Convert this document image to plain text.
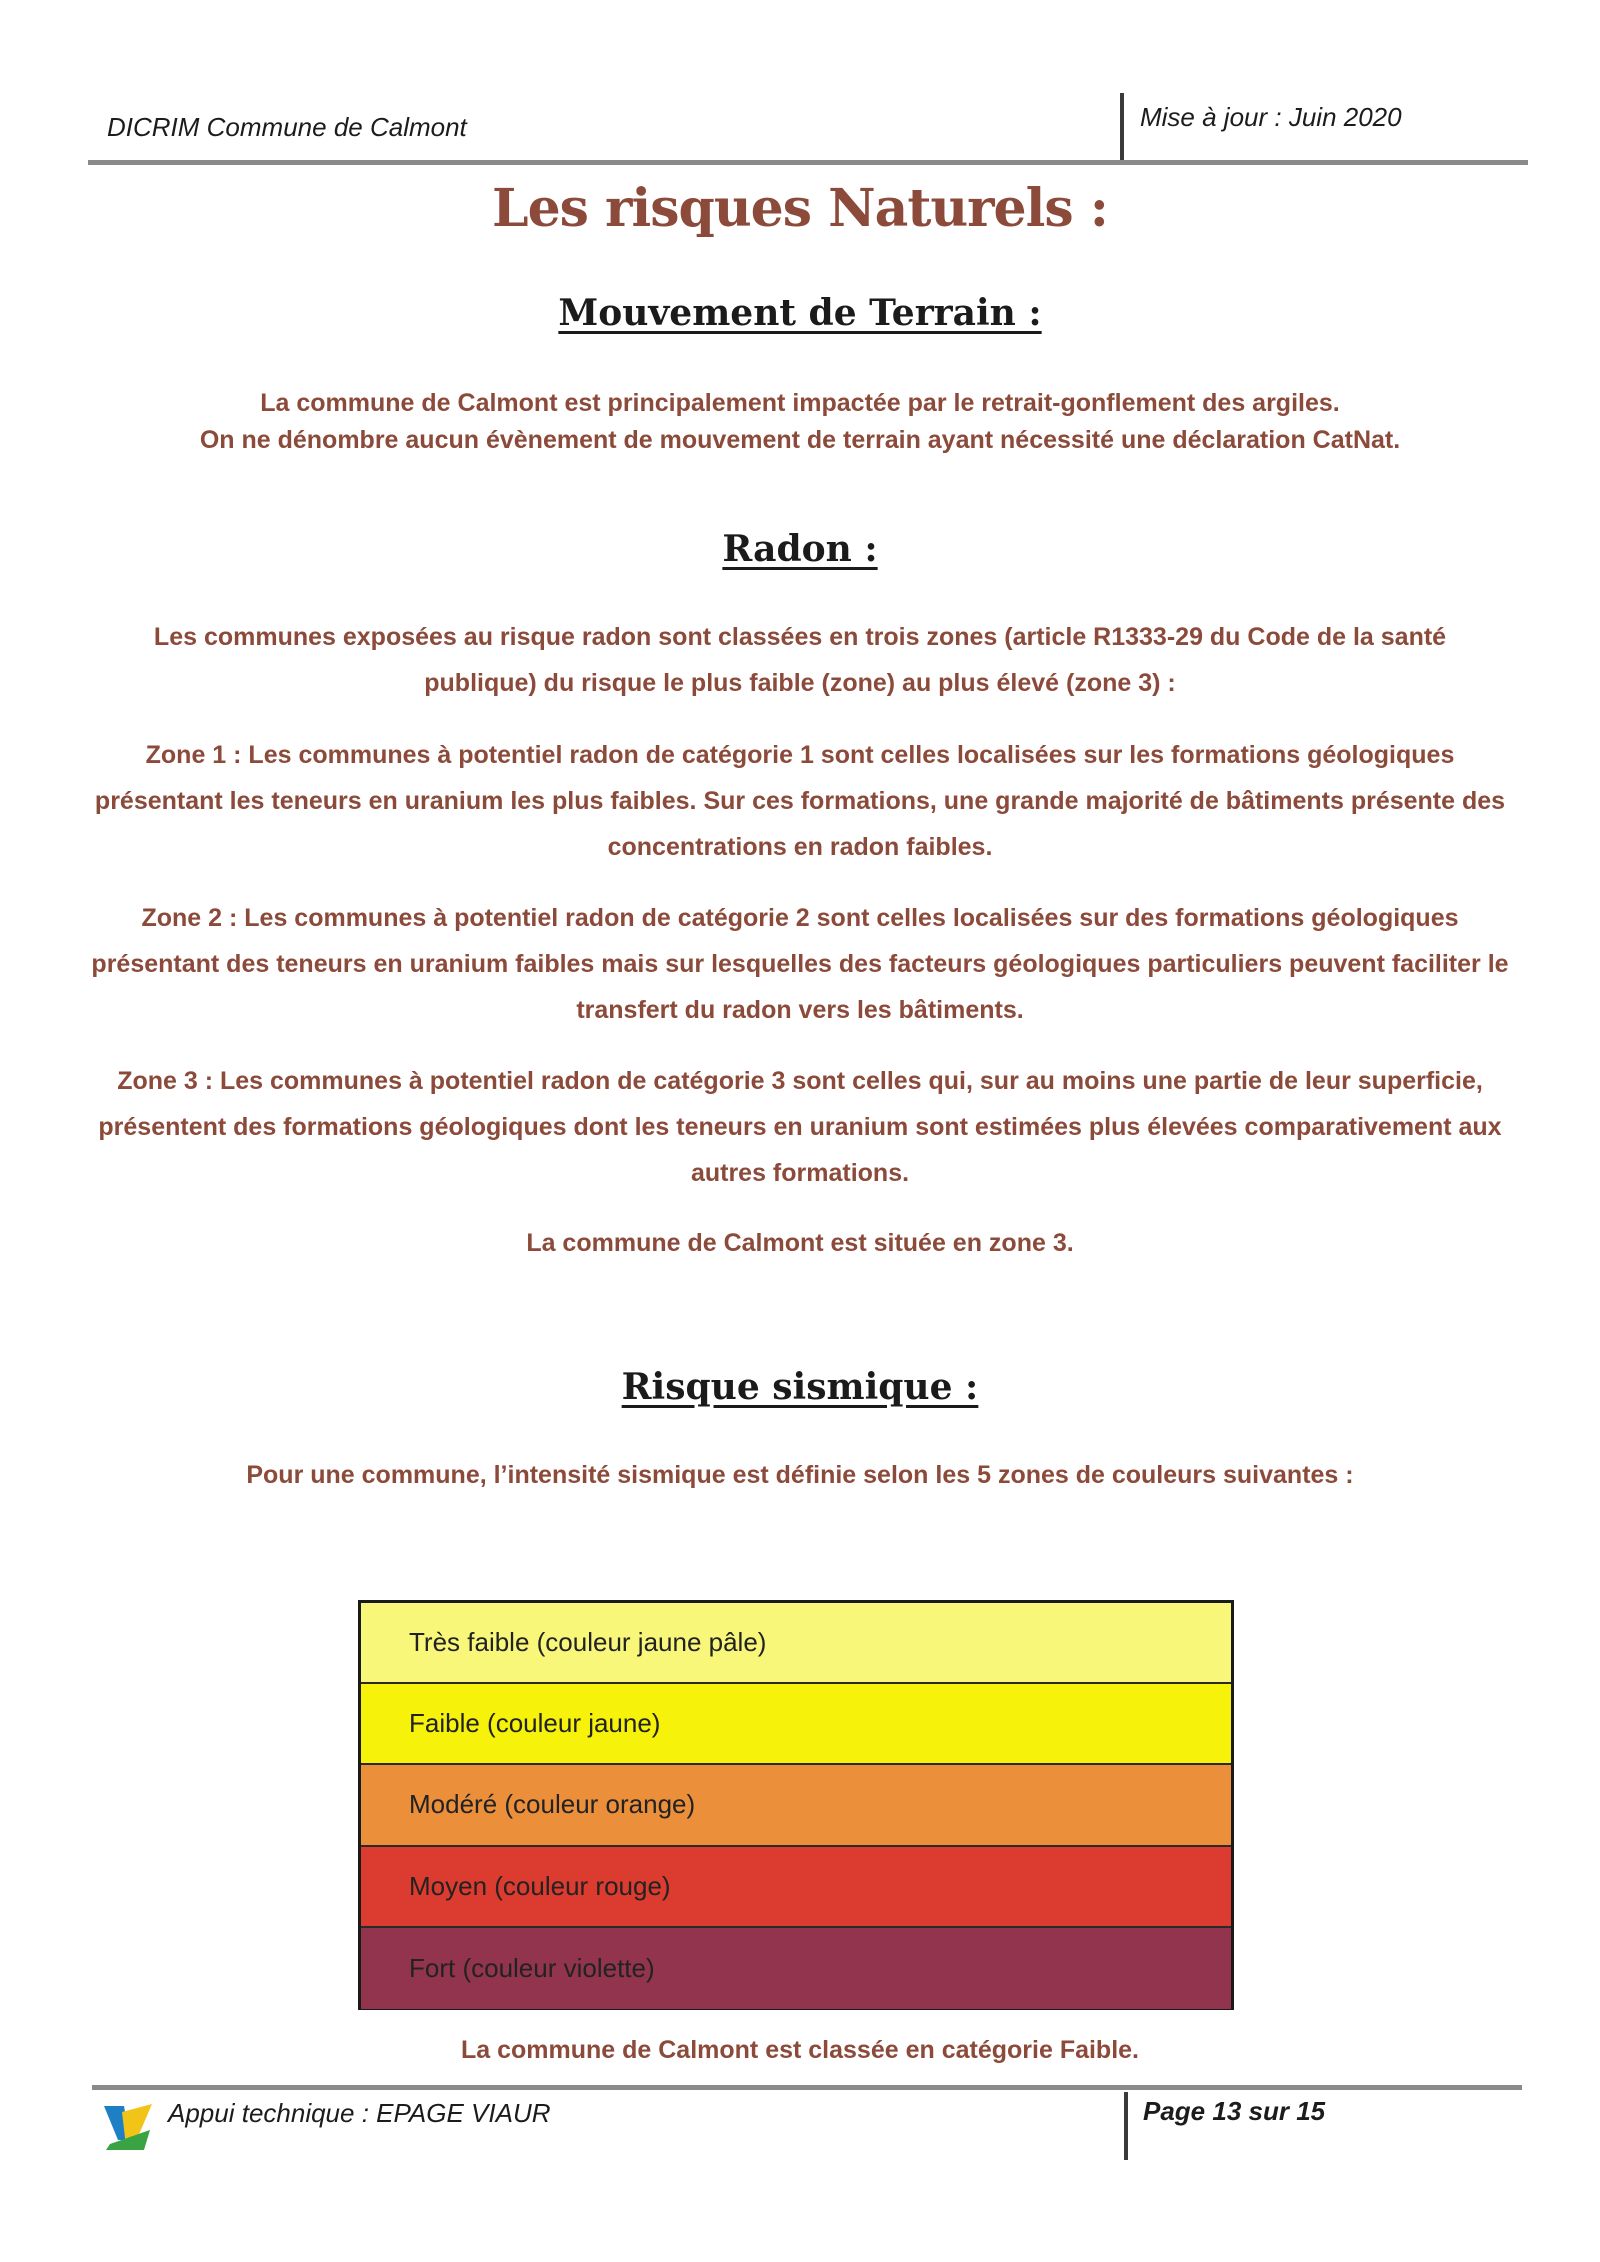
DICRIM Commune de Calmont	Mise à jour : Juin 2020
Les risques Naturels :
Mouvement de Terrain :
La commune de Calmont est principalement impactée par le retrait-gonflement des argiles.
On ne dénombre aucun évènement de mouvement de terrain ayant nécessité une déclaration CatNat.
Radon :
Les communes exposées au risque radon sont classées en trois zones (article R1333-29 du Code de la santé publique) du risque le plus faible (zone) au plus élevé (zone 3) :
Zone 1 : Les communes à potentiel radon de catégorie 1 sont celles localisées sur les formations géologiques présentant les teneurs en uranium les plus faibles. Sur ces formations, une grande majorité de bâtiments présente des concentrations en radon faibles.
Zone 2 : Les communes à potentiel radon de catégorie 2 sont celles localisées sur des formations géologiques présentant des teneurs en uranium faibles mais sur lesquelles des facteurs géologiques particuliers peuvent faciliter le transfert du radon vers les bâtiments.
Zone 3 : Les communes à potentiel radon de catégorie 3 sont celles qui, sur au moins une partie de leur superficie, présentent des formations géologiques dont les teneurs en uranium sont estimées plus élevées comparativement aux autres formations.
La commune de Calmont est située en zone 3.
Risque sismique :
Pour une commune, l’intensité sismique est définie selon les 5 zones de couleurs suivantes :
Très faible (couleur jaune pâle)
Faible (couleur jaune)
Modéré (couleur orange)
Moyen (couleur rouge)
Fort (couleur violette)
La commune de Calmont est classée en catégorie Faible.
Appui technique : EPAGE VIAUR	Page 13 sur 15
